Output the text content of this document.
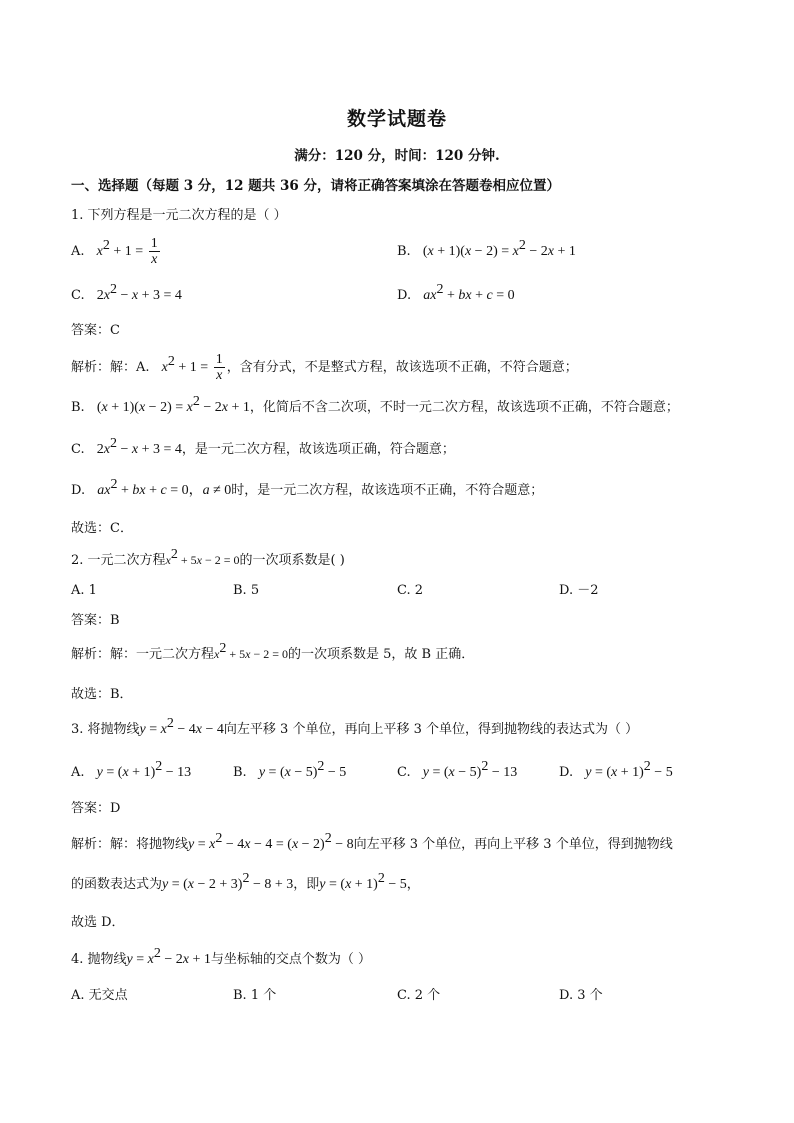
数学试题卷
满分：120 分，时间：120 分钟.
一、选择题（每题 3 分，12 题共 36 分，请将正确答案填涂在答题卷相应位置）
1. 下列方程是一元二次方程的是（ ）
A. $x^2 + 1 = \frac{1}{x}$	B. $(x + 1)(x - 2) = x^2 - 2x + 1$
C. $2x^2 - x + 3 = 4$	D. $ax^2$ + bx + c = 0
答案：C
解析：解：A. $x^2 + 1 = \frac{1}{x}$ ，含有分式，不是整式方程，故该选项不正确，不符合题意；
B. $(x + 1)(x - 2) = x^2 - 2x + 1$，化简后不含二次项，不时一元二次方程，故该选项不正确，不符合题意；
C. $2x^2 - x + 3 = 4$，是一元二次方程，故该选项正确，符合题意；
D. $ax^2$ + bx + c = 0，a ≠ 0时，是一元二次方程，故该选项不正确，不符合题意；
故选：C．
2. 一元二次方程$x^2 + 5x - 2 = 0$的一次项系数是( )
A. 1	B. 5	C. 2	D. －2
答案：B
解析：解：一元二次方程$x^2 + 5x - 2 = 0$的一次项系数是 5，故 B 正确．
故选：B．
3. 将抛物线$y = x^2 - 4x - 4$向左平移 3 个单位，再向上平移 3 个单位，得到抛物线的表达式为（ ）
A. $y = (x + 1)^2 - 13$	B. $y = (x - 5)^2 - 5$	C. $y = (x - 5)^2 - 13$	D. $y = (x + 1)^2 - 5$
答案：D
解析：解：将抛物线$y = x^2 - 4x - 4 = (x - 2)^2 - 8$向左平移 3 个单位，再向上平移 3 个单位，得到抛物线
的函数表达式为$y = (x - 2 + 3)^2 - 8 + 3$，即$y = (x + 1)^2 - 5$，
故选 D．
4. 抛物线$y = x^2 - 2x + 1$与坐标轴的交点个数为（ ）
A. 无交点	B. 1 个	C. 2 个	D. 3 个
